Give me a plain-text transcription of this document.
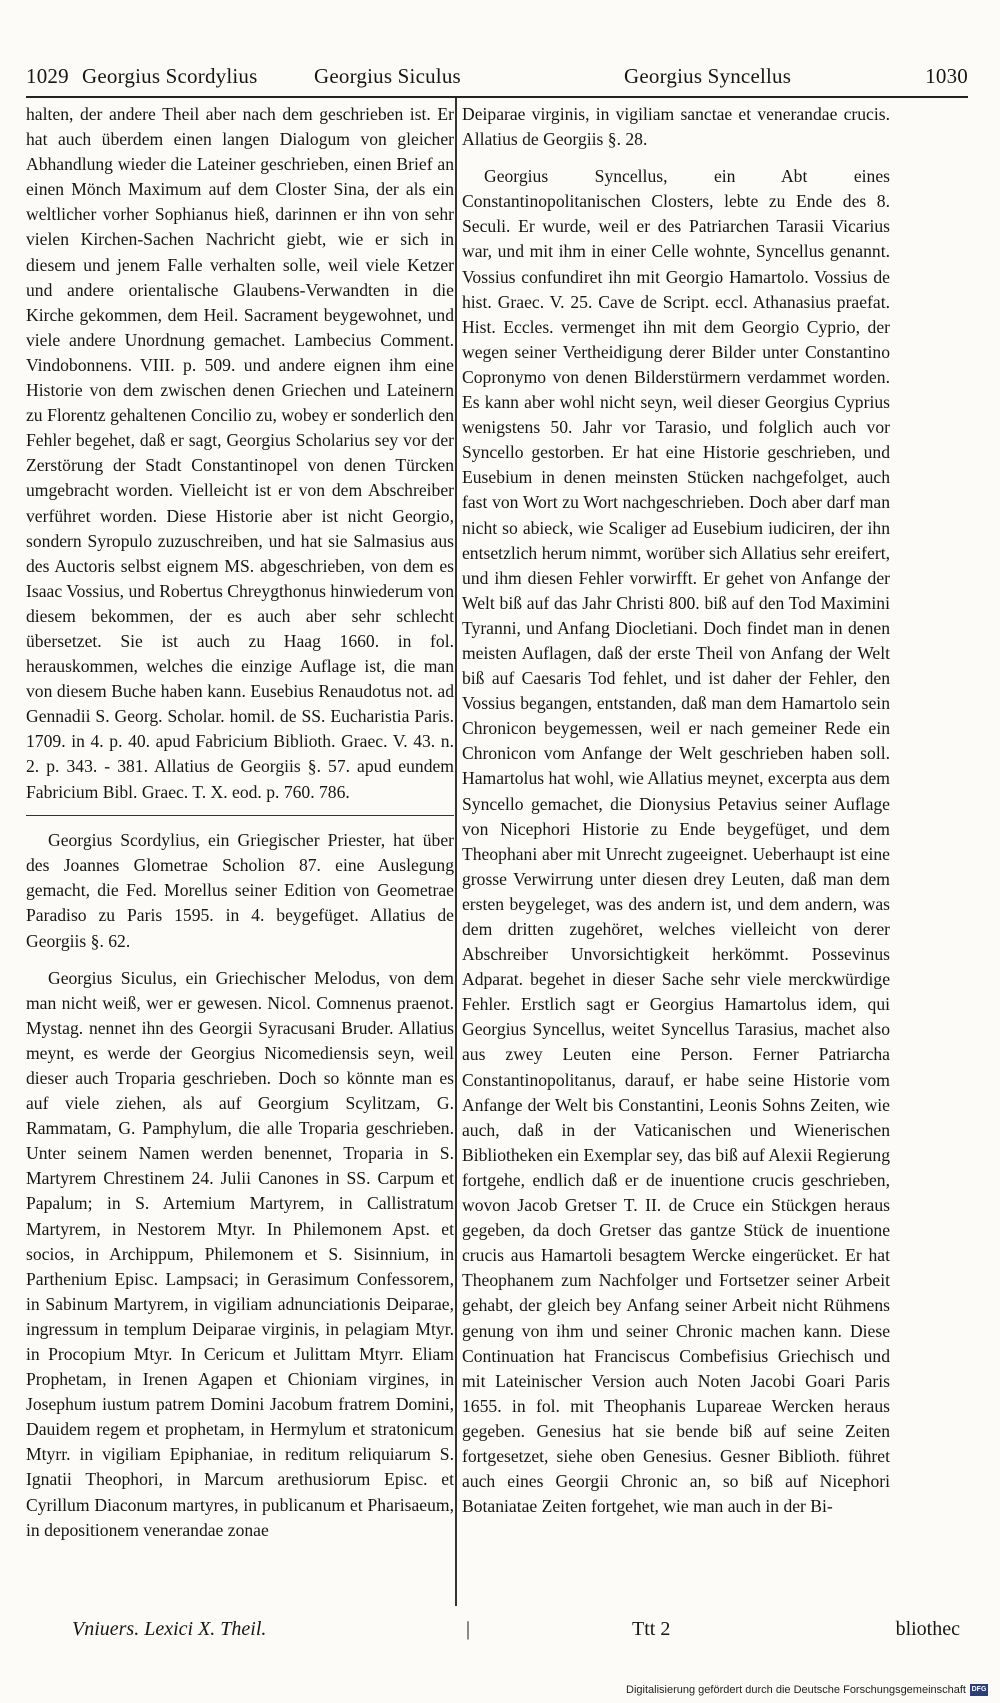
1029 Georgius Scordylius	Georgius Siculus	Georgius Syncellus	1030

halten, der andere Theil aber nach dem geschrieben ist. Er hat auch überdem einen langen Dialogum von gleicher Abhandlung wieder die Lateiner geschrieben, einen Brief an einen Mönch Maximum auf dem Closter Sina, der als ein weltlicher vorher Sophianus hieß, darinnen er ihn von sehr vielen Kirchen-Sachen Nachricht giebt, wie er sich in diesem und jenem Falle verhalten solle, weil viele Ketzer und andere orientalische Glaubens-Verwandten in die Kirche gekommen, dem Heil. Sacrament beygewohnet, und viele andere Unordnung gemachet. Lambecius Comment. Vindobonnens. VIII. p. 509. und andere eignen ihm eine Historie von dem zwischen denen Griechen und Lateinern zu Florentz gehaltenen Concilio zu, wobey er sonderlich den Fehler begehet, daß er sagt, Georgius Scholarius sey vor der Zerstörung der Stadt Constantinopel von denen Türcken umgebracht worden. Vielleicht ist er von dem Abschreiber verführet worden. Diese Historie aber ist nicht Georgio, sondern Syropulo zuzuschreiben, und hat sie Salmasius aus des Auctoris selbst eignem MS. abgeschrieben, von dem es Isaac Vossius, und Robertus Chreygthonus hinwiederum von diesem bekommen, der es auch aber sehr schlecht übersetzet. Sie ist auch zu Haag 1660. in fol. herauskommen, welches die einzige Auflage ist, die man von diesem Buche haben kann. Eusebius Renaudotus not. ad Gennadii S. Georg. Scholar. homil. de SS. Eucharistia Paris. 1709. in 4. p. 40. apud Fabricium Biblioth. Graec. V. 43. n. 2. p. 343. - 381. Allatius de Georgiis §. 57. apud eundem Fabricium Bibl. Graec. T. X. eod. p. 760. 786.

Georgius Scordylius, ein Griegischer Priester, hat über des Joannes Glometrae Scholion 87. eine Auslegung gemacht, die Fed. Morellus seiner Edition von Geometrae Paradiso zu Paris 1595. in 4. beygefüget. Allatius de Georgiis §. 62.

Georgius Siculus, ein Griechischer Melodus, von dem man nicht weiß, wer er gewesen. Nicol. Comnenus praenot. Mystag. nennet ihn des Georgii Syracusani Bruder. Allatius meynt, es werde der Georgius Nicomediensis seyn, weil dieser auch Troparia geschrieben. Doch so könnte man es auf viele ziehen, als auf Georgium Scylitzam, G. Rammatam, G. Pamphylum, die alle Troparia geschrieben. Unter seinem Namen werden benennet, Troparia in S. Martyrem Chrestinem 24. Julii Canones in SS. Carpum et Papalum; in S. Artemium Martyrem, in Callistratum Martyrem, in Nestorem Mtyr. In Philemonem Apst. et socios, in Archippum, Philemonem et S. Sisinnium, in Parthenium Episc. Lampsaci; in Gerasimum Confessorem, in Sabinum Martyrem, in vigiliam adnunciationis Deiparae, ingressum in templum Deiparae virginis, in pelagiam Mtyr. in Procopium Mtyr. In Cericum et Julittam Mtyrr. Eliam Prophetam, in Irenen Agapen et Chioniam virgines, in Josephum iustum patrem Domini Jacobum fratrem Domini, Dauidem regem et prophetam, in Hermylum et stratonicum Mtyrr. in vigiliam Epiphaniae, in reditum reliquiarum S. Ignatii Theophori, in Marcum arethusiorum Episc. et Cyrillum Diaconum martyres, in publicanum et Pharisaeum, in depositionem venerandae zonae

Deiparae virginis, in vigiliam sanctae et venerandae crucis. Allatius de Georgiis §. 28.

Georgius Syncellus, ein Abt eines Constantinopolitanischen Closters, lebte zu Ende des 8. Seculi. Er wurde, weil er des Patriarchen Tarasii Vicarius war, und mit ihm in einer Celle wohnte, Syncellus genannt. Vossius confundiret ihn mit Georgio Hamartolo. Vossius de hist. Graec. V. 25. Cave de Script. eccl. Athanasius praefat. Hist. Eccles. vermenget ihn mit dem Georgio Cyprio, der wegen seiner Vertheidigung derer Bilder unter Constantino Copronymo von denen Bilderstürmern verdammet worden. Es kann aber wohl nicht seyn, weil dieser Georgius Cyprius wenigstens 50. Jahr vor Tarasio, und folglich auch vor Syncello gestorben. Er hat eine Historie geschrieben, und Eusebium in denen meinsten Stücken nachgefolget, auch fast von Wort zu Wort nachgeschrieben. Doch aber darf man nicht so abieck, wie Scaliger ad Eusebium iudiciren, der ihn entsetzlich herum nimmt, worüber sich Allatius sehr ereifert, und ihm diesen Fehler vorwirfft. Er gehet von Anfange der Welt biß auf das Jahr Christi 800. biß auf den Tod Maximini Tyranni, und Anfang Diocletiani. Doch findet man in denen meisten Auflagen, daß der erste Theil von Anfang der Welt biß auf Caesaris Tod fehlet, und ist daher der Fehler, den Vossius begangen, entstanden, daß man dem Hamartolo sein Chronicon beygemessen, weil er nach gemeiner Rede ein Chronicon vom Anfange der Welt geschrieben haben soll. Hamartolus hat wohl, wie Allatius meynet, excerpta aus dem Syncello gemachet, die Dionysius Petavius seiner Auflage von Nicephori Historie zu Ende beygefüget, und dem Theophani aber mit Unrecht zugeeignet. Ueberhaupt ist eine grosse Verwirrung unter diesen drey Leuten, daß man dem ersten beygeleget, was des andern ist, und dem andern, was dem dritten zugehöret, welches vielleicht von derer Abschreiber Unvorsichtigkeit herkömmt. Possevinus Adparat. begehet in dieser Sache sehr viele merckwürdige Fehler. Erstlich sagt er Georgius Hamartolus idem, qui Georgius Syncellus, weitet Syncellus Tarasius, machet also aus zwey Leuten eine Person. Ferner Patriarcha Constantinopolitanus, darauf, er habe seine Historie vom Anfange der Welt bis Constantini, Leonis Sohns Zeiten, wie auch, daß in der Vaticanischen und Wienerischen Bibliotheken ein Exemplar sey, das biß auf Alexii Regierung fortgehe, endlich daß er de inuentione crucis geschrieben, wovon Jacob Gretser T. II. de Cruce ein Stückgen heraus gegeben, da doch Gretser das gantze Stück de inuentione crucis aus Hamartoli besagtem Wercke eingerücket. Er hat Theophanem zum Nachfolger und Fortsetzer seiner Arbeit gehabt, der gleich bey Anfang seiner Arbeit nicht Rühmens genung von ihm und seiner Chronic machen kann. Diese Continuation hat Franciscus Combefisius Griechisch und mit Lateinischer Version auch Noten Jacobi Goari Paris 1655. in fol. mit Theophanis Lupareae Wercken heraus gegeben. Genesius hat sie bende biß auf seine Zeiten fortgesetzet, siehe oben Genesius. Gesner Biblioth. führet auch eines Georgii Chronic an, so biß auf Nicephori Botaniatae Zeiten fortgehet, wie man auch in der Bi-

Vniuers. Lexici X. Theil.	|	Ttt 2	bliothec
Digitalisierung gefördert durch die Deutsche Forschungsgemeinschaft DFG
